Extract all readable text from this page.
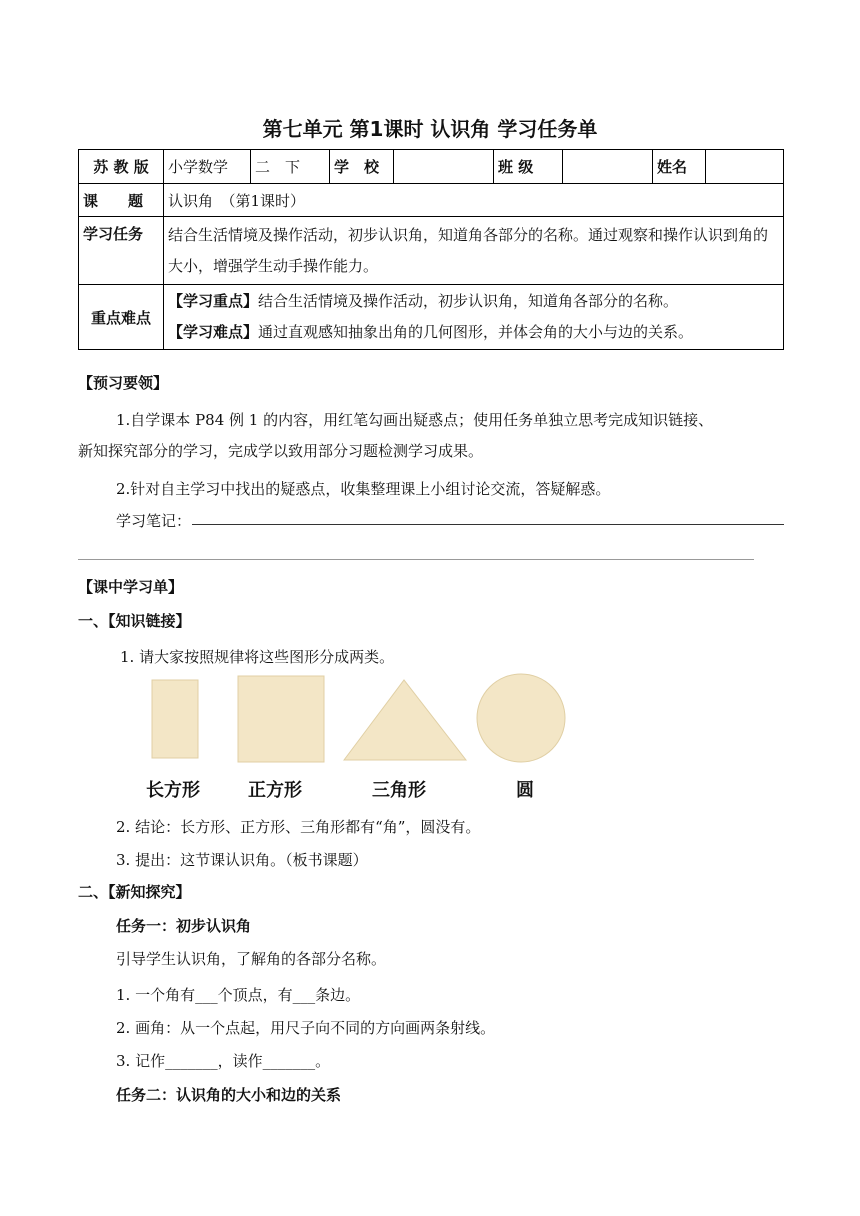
第七单元 第1课时 认识角 学习任务单
苏 教 版	小学数学	二　下	学　校		班 级		姓名	
课　　题	认识角　（第1课时）							
学习任务	结合生活情境及操作活动，初步认识角，知道角各部分的名称。通过观察和操作认识到角的大小，增强学生动手操作能力。							
重点难点	【学习重点】结合生活情境及操作活动，初步认识角，知道角各部分的名称。
【学习难点】通过直观感知抽象出角的几何图形，并体会角的大小与边的关系。							
【预习要领】
1.自学课本 P84 例 1 的内容，用红笔勾画出疑惑点；使用任务单独立思考完成知识链接、
新知探究部分的学习，完成学以致用部分习题检测学习成果。
2.针对自主学习中找出的疑惑点，收集整理课上小组讨论交流，答疑解惑。
学习笔记：
【课中学习单】
一、【知识链接】
1. 请大家按照规律将这些图形分成两类。
长方形	正方形	三角形	圆
2. 结论：长方形、正方形、三角形都有“角”，圆没有。
3. 提出：这节课认识角。（板书课题）
二、【新知探究】
任务一：初步认识角
引导学生认识角，了解角的各部分名称。
1. 一个角有___个顶点，有___条边。
2. 画角：从一个点起，用尺子向不同的方向画两条射线。
3. 记作_______，读作_______。
任务二：认识角的大小和边的关系
